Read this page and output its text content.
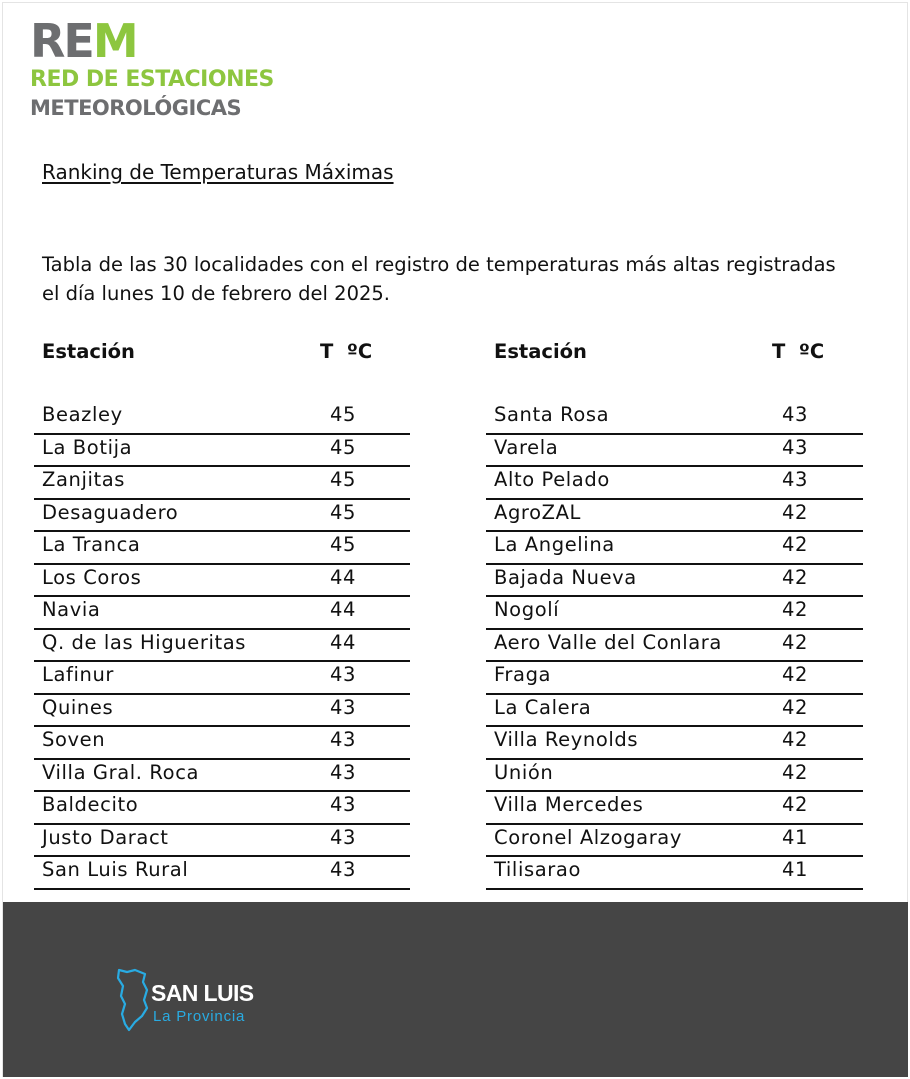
REM
RED DE ESTACIONES
METEOROLÓGICAS
Ranking de Temperaturas Máximas
Tabla de las 30 localidades con el registro de temperaturas más altas registradas
el día lunes 10 de febrero del 2025.
Estación	T  ºC
Beazley	45
La Botija	45
Zanjitas	45
Desaguadero	45
La Tranca	45
Los Coros	44
Navia	44
Q. de las Higueritas	44
Lafinur	43
Quines	43
Soven	43
Villa Gral. Roca	43
Baldecito	43
Justo Daract	43
San Luis Rural	43
Estación	T  ºC
Santa Rosa	43
Varela	43
Alto Pelado	43
AgroZAL	42
La Angelina	42
Bajada Nueva	42
Nogolí	42
Aero Valle del Conlara	42
Fraga	42
La Calera	42
Villa Reynolds	42
Unión	42
Villa Mercedes	42
Coronel Alzogaray	41
Tilisarao	41
SAN LUIS
La Provincia
